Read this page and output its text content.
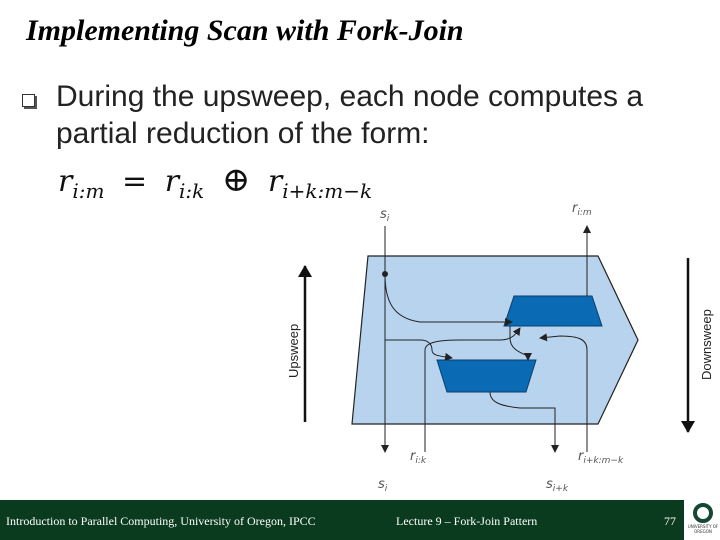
Implementing Scan with Fork-Join
During the upsweep, each node computes a partial reduction of the form:
$r_{i:m} = r_{i:k}$ ⊕ $r_{i+k:m-k}$
Upsweep	Downsweep
$s_i$
$r_{i:m}$
$r_{i:k}$	$r_{i+k:m-k}$
$s_i$	$s_{i+k}$
Introduction to Parallel Computing, University of Oregon, IPCC	Lecture 9 – Fork-Join Pattern	77	UNIVERSITY OF OREGON
